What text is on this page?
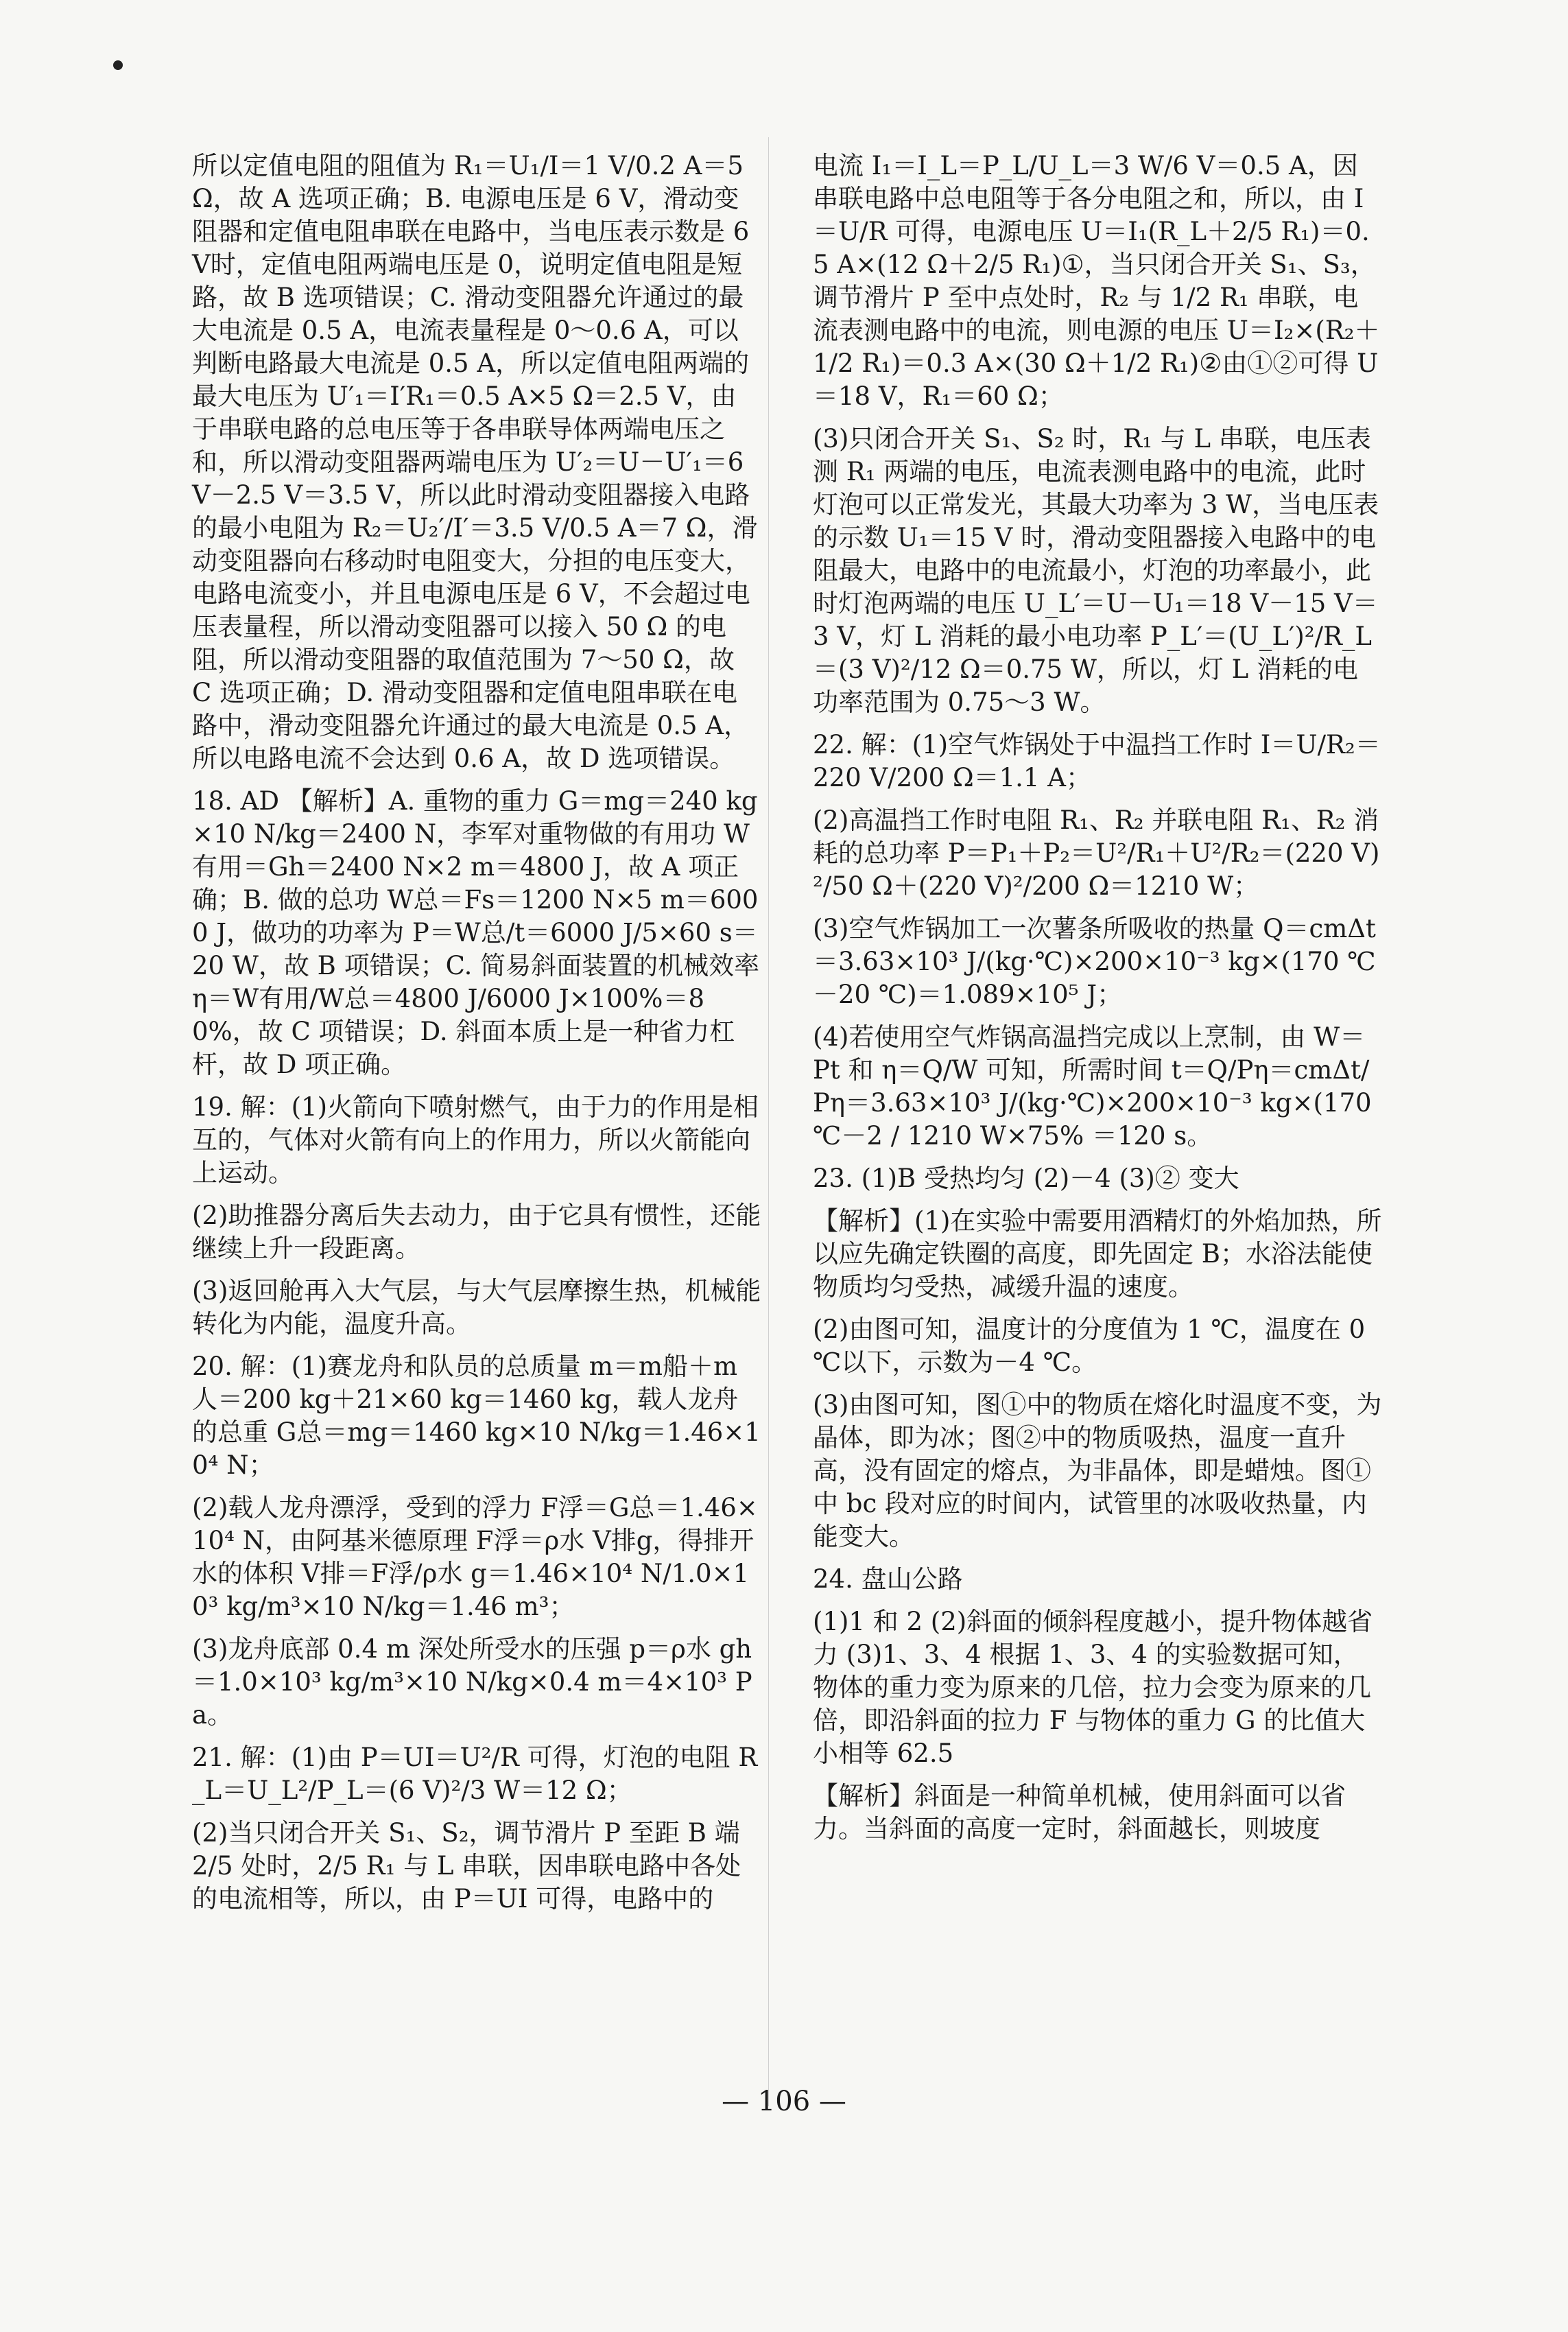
所以定值电阻的阻值为 R₁＝U₁/I＝1 V/0.2 A＝5 Ω，故 A 选项正确；B. 电源电压是 6 V，滑动变阻器和定值电阻串联在电路中，当电压表示数是 6 V时，定值电阻两端电压是 0，说明定值电阻是短路，故 B 选项错误；C. 滑动变阻器允许通过的最大电流是 0.5 A，电流表量程是 0～0.6 A，可以判断电路最大电流是 0.5 A，所以定值电阻两端的最大电压为 U′₁＝I′R₁＝0.5 A×5 Ω＝2.5 V，由于串联电路的总电压等于各串联导体两端电压之和，所以滑动变阻器两端电压为 U′₂＝U－U′₁＝6 V－2.5 V＝3.5 V，所以此时滑动变阻器接入电路的最小电阻为 R₂＝U₂′/I′＝3.5 V/0.5 A＝7 Ω，滑动变阻器向右移动时电阻变大，分担的电压变大，电路电流变小，并且电源电压是 6 V，不会超过电压表量程，所以滑动变阻器可以接入 50 Ω 的电阻，所以滑动变阻器的取值范围为 7～50 Ω，故 C 选项正确；D. 滑动变阻器和定值电阻串联在电路中，滑动变阻器允许通过的最大电流是 0.5 A，所以电路电流不会达到 0.6 A，故 D 选项错误。

18. AD 【解析】A. 重物的重力 G＝mg＝240 kg×10 N/kg＝2400 N，李军对重物做的有用功 W有用＝Gh＝2400 N×2 m＝4800 J，故 A 项正确；B. 做的总功 W总＝Fs＝1200 N×5 m＝6000 J，做功的功率为 P＝W总/t＝6000 J/5×60 s＝20 W，故 B 项错误；C. 简易斜面装置的机械效率 η＝W有用/W总＝4800 J/6000 J×100%＝80%，故 C 项错误；D. 斜面本质上是一种省力杠杆，故 D 项正确。

19. 解：(1)火箭向下喷射燃气，由于力的作用是相互的，气体对火箭有向上的作用力，所以火箭能向上运动。

(2)助推器分离后失去动力，由于它具有惯性，还能继续上升一段距离。

(3)返回舱再入大气层，与大气层摩擦生热，机械能转化为内能，温度升高。

20. 解：(1)赛龙舟和队员的总质量 m＝m船＋m人＝200 kg＋21×60 kg＝1460 kg，载人龙舟的总重 G总＝mg＝1460 kg×10 N/kg＝1.46×10⁴ N；

(2)载人龙舟漂浮，受到的浮力 F浮＝G总＝1.46×10⁴ N，由阿基米德原理 F浮＝ρ水 V排g，得排开水的体积 V排＝F浮/ρ水 g＝1.46×10⁴ N/1.0×10³ kg/m³×10 N/kg＝1.46 m³；

(3)龙舟底部 0.4 m 深处所受水的压强 p＝ρ水 gh＝1.0×10³ kg/m³×10 N/kg×0.4 m＝4×10³ Pa。

21. 解：(1)由 P＝UI＝U²/R 可得，灯泡的电阻 R_L＝U_L²/P_L＝(6 V)²/3 W＝12 Ω；

(2)当只闭合开关 S₁、S₂，调节滑片 P 至距 B 端 2/5 处时，2/5 R₁ 与 L 串联，因串联电路中各处的电流相等，所以，由 P＝UI 可得，电路中的

电流 I₁＝I_L＝P_L/U_L＝3 W/6 V＝0.5 A，因串联电路中总电阻等于各分电阻之和，所以，由 I＝U/R 可得，电源电压 U＝I₁(R_L＋2/5 R₁)＝0.5 A×(12 Ω＋2/5 R₁)①，当只闭合开关 S₁、S₃，调节滑片 P 至中点处时，R₂ 与 1/2 R₁ 串联，电流表测电路中的电流，则电源的电压 U＝I₂×(R₂＋1/2 R₁)＝0.3 A×(30 Ω＋1/2 R₁)②由①②可得 U＝18 V，R₁＝60 Ω；

(3)只闭合开关 S₁、S₂ 时，R₁ 与 L 串联，电压表测 R₁ 两端的电压，电流表测电路中的电流，此时灯泡可以正常发光，其最大功率为 3 W，当电压表的示数 U₁＝15 V 时，滑动变阻器接入电路中的电阻最大，电路中的电流最小，灯泡的功率最小，此时灯泡两端的电压 U_L′＝U－U₁＝18 V－15 V＝3 V，灯 L 消耗的最小电功率 P_L′＝(U_L′)²/R_L＝(3 V)²/12 Ω＝0.75 W，所以，灯 L 消耗的电功率范围为 0.75～3 W。

22. 解：(1)空气炸锅处于中温挡工作时 I＝U/R₂＝220 V/200 Ω＝1.1 A；

(2)高温挡工作时电阻 R₁、R₂ 并联电阻 R₁、R₂ 消耗的总功率 P＝P₁＋P₂＝U²/R₁＋U²/R₂＝(220 V)²/50 Ω＋(220 V)²/200 Ω＝1210 W；

(3)空气炸锅加工一次薯条所吸收的热量 Q＝cmΔt＝3.63×10³ J/(kg·℃)×200×10⁻³ kg×(170 ℃－20 ℃)＝1.089×10⁵ J；

(4)若使用空气炸锅高温挡完成以上烹制，由 W＝Pt 和 η＝Q/W 可知，所需时间 t＝Q/Pη＝cmΔt/Pη＝3.63×10³ J/(kg·℃)×200×10⁻³ kg×(170 ℃－2 / 1210 W×75% ＝120 s。

23. (1)B 受热均匀 (2)－4 (3)② 变大

【解析】(1)在实验中需要用酒精灯的外焰加热，所以应先确定铁圈的高度，即先固定 B；水浴法能使物质均匀受热，减缓升温的速度。

(2)由图可知，温度计的分度值为 1 ℃，温度在 0 ℃以下，示数为－4 ℃。

(3)由图可知，图①中的物质在熔化时温度不变，为晶体，即为冰；图②中的物质吸热，温度一直升高，没有固定的熔点，为非晶体，即是蜡烛。图①中 bc 段对应的时间内，试管里的冰吸收热量，内能变大。

24. 盘山公路

(1)1 和 2 (2)斜面的倾斜程度越小，提升物体越省力 (3)1、3、4 根据 1、3、4 的实验数据可知，物体的重力变为原来的几倍，拉力会变为原来的几倍，即沿斜面的拉力 F 与物体的重力 G 的比值大小相等 62.5

【解析】斜面是一种简单机械，使用斜面可以省力。当斜面的高度一定时，斜面越长，则坡度

— 106 —
